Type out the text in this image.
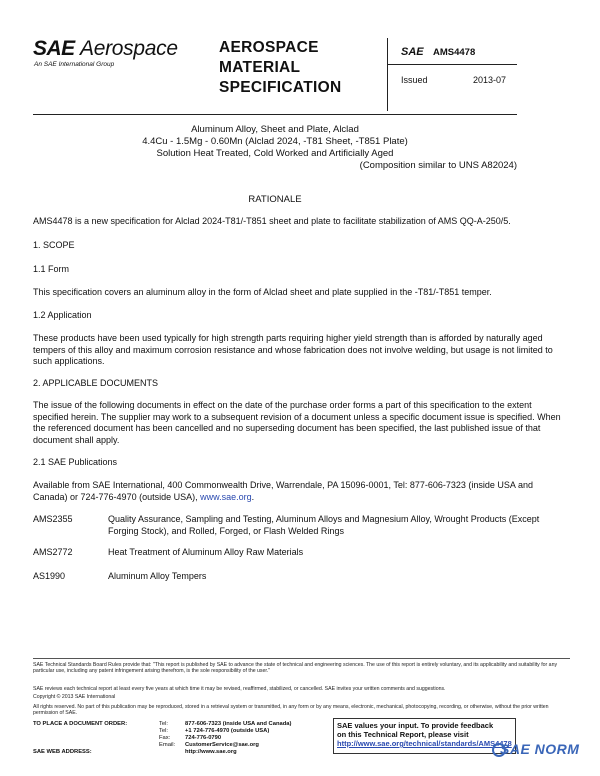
SAE Aerospace
An SAE International Group
AEROSPACE
MATERIAL
SPECIFICATION
SAE AMS4478
Issued	2013-07
Aluminum Alloy, Sheet and Plate, Alclad
4.4Cu - 1.5Mg - 0.60Mn (Alclad 2024, -T81 Sheet, -T851 Plate)
Solution Heat Treated, Cold Worked and Artificially Aged
(Composition similar to UNS A82024)
RATIONALE
AMS4478 is a new specification for Alclad 2024-T81/-T851 sheet and plate to facilitate stabilization of AMS QQ-A-250/5.
1. SCOPE
1.1 Form
This specification covers an aluminum alloy in the form of Alclad sheet and plate supplied in the -T81/-T851 temper.
1.2 Application
These products have been used typically for high strength parts requiring higher yield strength than is afforded by naturally aged tempers of this alloy and maximum corrosion resistance and whose fabrication does not involve welding, but usage is not limited to such applications.
2. APPLICABLE DOCUMENTS
The issue of the following documents in effect on the date of the purchase order forms a part of this specification to the extent specified herein. The supplier may work to a subsequent revision of a document unless a specific document issue is specified. When the referenced document has been cancelled and no superseding document has been specified, the last published issue of that document shall apply.
2.1 SAE Publications
Available from SAE International, 400 Commonwealth Drive, Warrendale, PA 15096-0001, Tel: 877-606-7323 (inside USA and Canada) or 724-776-4970 (outside USA), www.sae.org.
AMS2355	Quality Assurance, Sampling and Testing, Aluminum Alloys and Magnesium Alloy, Wrought Products (Except Forging Stock), and Rolled, Forged, or Flash Welded Rings
AMS2772	Heat Treatment of Aluminum Alloy Raw Materials
AS1990	Aluminum Alloy Tempers
SAE Technical Standards Board Rules provide that: "This report is published by SAE to advance the state of technical and engineering sciences. The use of this report is entirely voluntary, and its applicability and suitability for any particular use, including any patent infringement arising therefrom, is the sole responsibility of the user."
SAE reviews each technical report at least every five years at which time it may be revised, reaffirmed, stabilized, or cancelled. SAE invites your written comments and suggestions.
Copyright © 2013 SAE International
All rights reserved. No part of this publication may be reproduced, stored in a retrieval system or transmitted, in any form or by any means, electronic, mechanical, photocopying, recording, or otherwise, without the prior written permission of SAE.
TO PLACE A DOCUMENT ORDER:	Tel:	877-606-7323 (inside USA and Canada)
Tel:	+1 724-776-4970 (outside USA)
Fax:	724-776-0790
Email:	CustomerService@sae.org
SAE WEB ADDRESS:	http://www.sae.org
SAE values your input. To provide feedback
on this Technical Report, please visit
http://www.sae.org/technical/standards/AMS4478
SAE NORM
